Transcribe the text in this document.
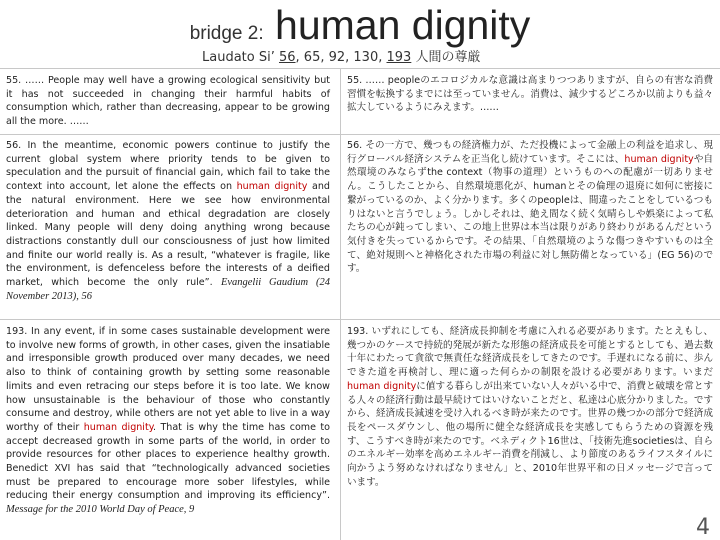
bridge 2: human dignity
Laudato Si’ 56, 65, 92, 130, 193 人間の尊厳

55. …… People may well have a growing ecological sensitivity but it has not succeeded in changing their harmful habits of consumption which, rather than decreasing, appear to be growing all the more. ……

56. In the meantime, economic powers continue to justify the current global system where priority tends to be given to speculation and the pursuit of financial gain, which fail to take the context into account, let alone the effects on human dignity and the natural environment. Here we see how environmental deterioration and human and ethical degradation are closely linked. Many people will deny doing anything wrong because distractions constantly dull our consciousness of just how limited and finite our world really is. As a result, “whatever is fragile, like the environment, is defenceless before the interests of a deified market, which become the only rule”. Evangelii Gaudium (24 November 2013), 56

193. In any event, if in some cases sustainable development were to involve new forms of growth, in other cases, given the insatiable and irresponsible growth produced over many decades, we need also to think of containing growth by setting some reasonable limits and even retracing our steps before it is too late. We know how unsustainable is the behaviour of those who constantly consume and destroy, while others are not yet able to live in a way worthy of their human dignity. That is why the time has come to accept decreased growth in some parts of the world, in order to provide resources for other places to experience healthy growth. Benedict XVI has said that “technologically advanced societies must be prepared to encourage more sober lifestyles, while reducing their energy consumption and improving its efficiency”. Message for the 2010 World Day of Peace, 9

55. …… peopleのエコロジカルな意識は高まりつつありますが、自らの有害な消費習慣を転換するまでには至っていません。消費は、減少するどころか以前よりも益々拡大しているようにみえます。……

56. その一方で、幾つもの経済権力が、ただ投機によって金融上の利益を追求し、現行グローバル経済システムを正当化し続けています。そこには、human dignityや自然環境のみならずthe context（物事の道理）というものへの配慮が一切ありません。こうしたことから、自然環境悪化が、humanとその倫理の退廃に如何に密接に繋がっているのか、よく分かります。多くのpeopleは、間違ったことをしているつもりはないと言うでしょう。しかしそれは、絶え間なく続く気晴らしや娯楽によって私たちの心が鈍ってしまい、この地上世界は本当は限りがあり終わりがあるんだという気付きを失っているからです。その結果、「自然環境のような傷つきやすいものは全て、絶対規則へと神格化された市場の利益に対し無防備となっている」(EG 56)のです。

193. いずれにしても、経済成長抑制を考慮に入れる必要があります。たとえもし、幾つかのケースで持続的発展が新たな形態の経済成長を可能とするとしても、過去数十年にわたって貪欲で無責任な経済成長をしてきたのです。手遅れになる前に、歩んできた道を再検討し、理に適った何らかの制限を設ける必要があります。いまだhuman dignityに値する暮らしが出来ていない人々がいる中で、消費と破壊を常とする人々の経済行動は最早続けてはいけないことだと、私達は心底分かりました。ですから、経済成長減速を受け入れるべき時が来たのです。世界の幾つかの部分で経済成長をペースダウンし、他の場所に健全な経済成長を実感してもらうための資源を残す、こうすべき時が来たのです。ベネディクト16世は、「技術先進societiesは、自らのエネルギー効率を高めエネルギー消費を削減し、より節度のあるライフスタイルに向かうよう努めなければなりません」と、2010年世界平和の日メッセージで言っています。

4
